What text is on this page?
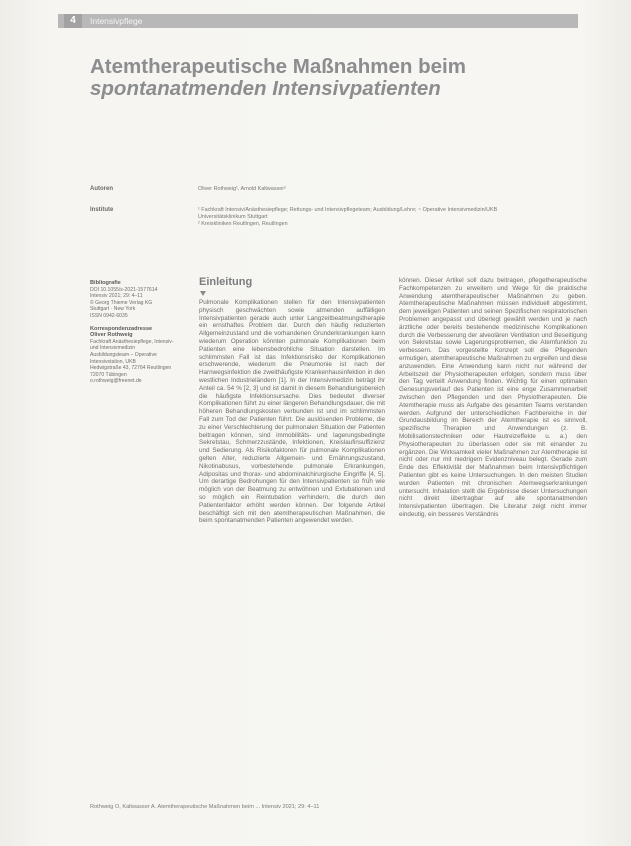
4	Intensivpflege
Atemtherapeutische Maßnahmen beim
spontanatmenden Intensivpatienten
Autoren	Oliver Rothweig¹, Arnold Kaltwasser²
Institute	¹ Fachkraft Intensiv/Anästhesiepflege; Rettungs- und Intensivpflegeteam; Ausbildung/Lehre; ~ Operative Intensivmedizin/UKB
Universitätsklinikum Stuttgart
² Kreiskliniken Reutlingen, Reutlingen
Bibliografie
DOI 10.1055/s-2021-1577614
Intensiv 2021; 29: 4–11
© Georg Thieme Verlag KG
Stuttgart · New York
ISSN 0942-6035
Korrespondenzadresse
Oliver Rothweig
Fachkraft Anästhesiepflege, Intensiv- und Intensivmedizin
Ausbildungsteam – Operative
Intensivstation, UKB
Hedwigstraße 43, 72764 Reutlingen
72070 Tübingen
o.rothweig@freenet.de
Einleitung
Pulmonale Komplikationen stellen für den Intensivpatienten physisch geschwächten sowie atmenden auffälligen Intensivpatienten gerade auch unter Langzeitbeatmungstherapie ein ernsthaftes Problem dar. Durch den häufig reduzierten Allgemeinzustand und die vorhandenen Grunderkrankungen kann wiederum Operation könnten pulmonale Komplikationen beim Patienten eine lebensbedrohliche Situation darstellen. Im schlimmsten Fall ist das Infektionsrisiko der Komplikationen erschwerende, wiederum die Pneumonie ist nach der Harnwegsinfektion die zweithäufigste Krankenhausinfektion in den westlichen Industrieländern [1]. In der Intensivmedizin beträgt ihr Anteil ca. 54 % [2, 3] und ist damit in diesem Behandlungsbereich die häufigste Infektionsursache. Dies bedeutet diverser Komplikationen führt zu einer längeren Behandlungsdauer, die mit höheren Behandlungskosten verbunden ist und im schlimmsten Fall zum Tod der Patienten führt. Die auslösenden Probleme, die zu einer Verschlechterung der pulmonalen Situation der Patienten beitragen können, sind immobilitäts- und lagerungsbedingte Sekretstau, Schmerzzustände, Infektionen, Kreislaufinsuffizienz und Sedierung. Als Risikofaktoren für pulmonale Komplikationen gelten Alter, reduzierte Allgemein- und Ernährungszustand, Nikotinabusus, vorbestehende pulmonale Erkrankungen, Adipositas und thorax- und abdominalchirurgische Eingriffe [4, 5]. Um derartige Bedrohungen für den Intensivpatienten so früh wie möglich von der Beatmung zu entwöhnen und Extubationen und so möglich ein Reintubation verhindern, die durch den Patientenfaktor erhöht werden können. Der folgende Artikel beschäftigt sich mit den atemtherapeutischen Maßnahmen, die beim spontanatmenden Patienten angewendet werden.
können. Dieser Artikel soll dazu beitragen, pflegetherapeutische Fachkompetenzen zu erweitern und Wege für die praktische Anwendung atemtherapeutischer Maßnahmen zu geben. Atemtherapeutische Maßnahmen müssen individuell abgestimmt, dem jeweiligen Patienten und seinen Spezifischen respiratorischen Problemen angepasst und überlegt gewählt werden und je nach ärztliche oder bereits bestehende medizinische Komplikationen durch die Verbesserung der alveolären Ventilation und Beseitigung von Sekretstau sowie Lagerungsproblemen, die Atemfunktion zu verbessern. Das vorgestellte Konzept soll die Pflegenden ermutigen, atemtherapeutische Maßnahmen zu ergreifen und diese anzuwenden. Eine Anwendung kann nicht nur während der Arbeitszeit der Physiotherapeuten erfolgen, sondern muss über den Tag verteilt Anwendung finden. Wichtig für einen optimalen Genesungsverlauf des Patienten ist eine enge Zusammenarbeit zwischen den Pflegenden und den Physiotherapeuten. Die Atemtherapie muss als Aufgabe des gesamten Teams verstanden werden. Aufgrund der unterschiedlichen Fachbereiche in der Grundausbildung im Bereich der Atemtherapie ist es sinnvoll, spezifische Therapien und Anwendungen (z. B. Mobilisationstechniken oder Hautreizeffekte u. a.) den Physiotherapeuten zu überlassen oder sie mit einander zu ergänzen. Die Wirksamkeit vieler Maßnahmen zur Atemtherapie ist nicht oder nur mit niedrigem Evidenzniveau belegt. Gerade zum Ende des Effektivität der Maßnahmen beim Intensivpflichtigen Patienten gibt es keine Untersuchungen. In den meisten Studien wurden Patienten mit chronischen Atemwegserkrankungen untersucht. Inhalation stellt die Ergebnisse dieser Untersuchungen nicht direkt übertragbar auf alle spontanatmenden Intensivpatienten übertragen. Die Literatur zeigt nicht immer eindeutig, ein besseres Verständnis
Rothweig O, Kaltwasser A. Atemtherapeutische Maßnahmen beim ... Intensiv 2021; 29: 4–11
